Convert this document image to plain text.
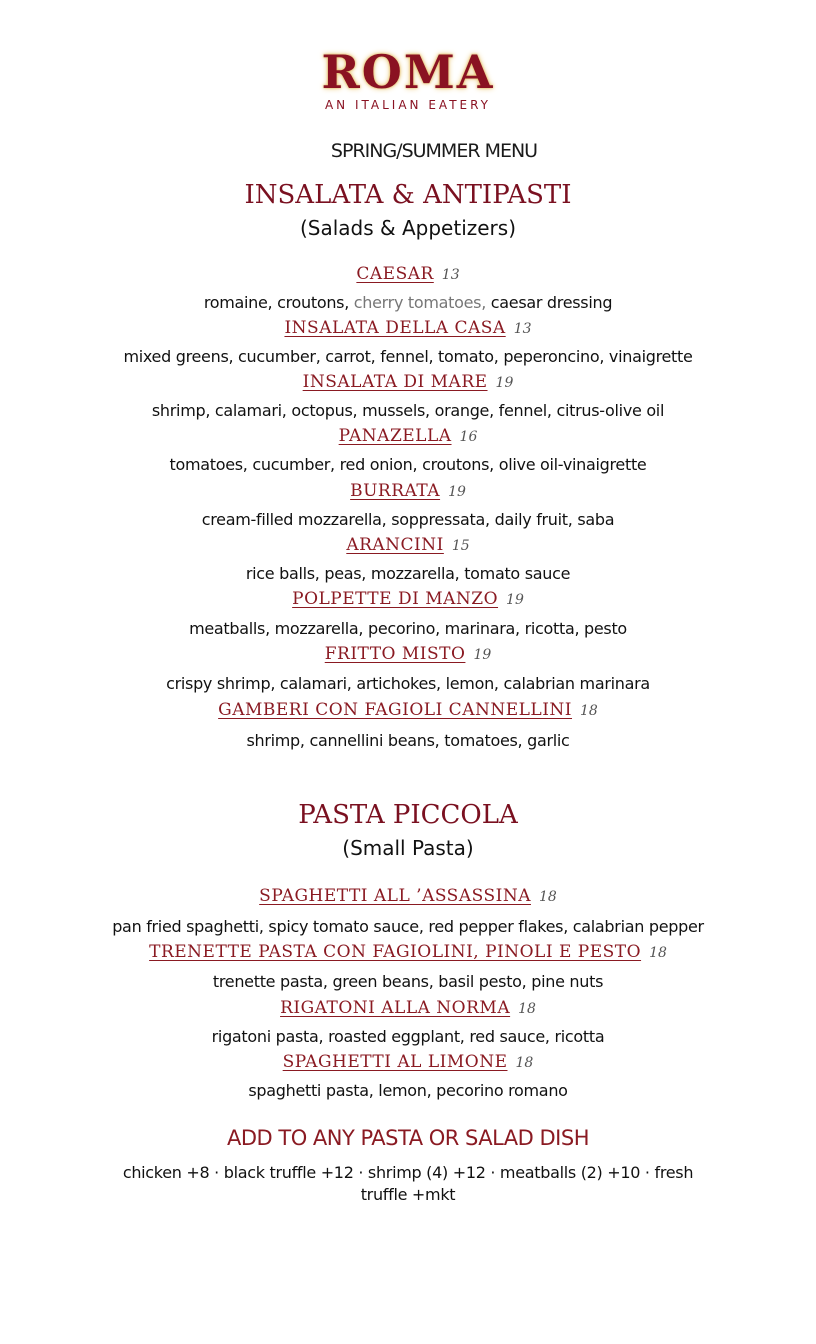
ROMA
AN ITALIAN EATERY
SPRING/SUMMER MENU
INSALATA & ANTIPASTI
(Salads & Appetizers)
CAESAR 13
romaine, croutons, cherry tomatoes, caesar dressing
INSALATA DELLA CASA 13
mixed greens, cucumber, carrot, fennel, tomato, peperoncino, vinaigrette
INSALATA DI MARE 19
shrimp, calamari, octopus, mussels, orange, fennel, citrus-olive oil
PANAZELLA 16
tomatoes, cucumber, red onion, croutons, olive oil-vinaigrette
BURRATA 19
cream-filled mozzarella, soppressata, daily fruit, saba
ARANCINI 15
rice balls, peas, mozzarella, tomato sauce
POLPETTE DI MANZO 19
meatballs, mozzarella, pecorino, marinara, ricotta, pesto
FRITTO MISTO 19
crispy shrimp, calamari, artichokes, lemon, calabrian marinara
GAMBERI CON FAGIOLI CANNELLINI 18
shrimp, cannellini beans, tomatoes, garlic
PASTA PICCOLA
(Small Pasta)
SPAGHETTI ALL ’ASSASSINA 18
pan fried spaghetti, spicy tomato sauce, red pepper flakes, calabrian pepper
TRENETTE PASTA CON FAGIOLINI, PINOLI E PESTO 18
trenette pasta, green beans, basil pesto, pine nuts
RIGATONI ALLA NORMA 18
rigatoni pasta, roasted eggplant, red sauce, ricotta
SPAGHETTI AL LIMONE 18
spaghetti pasta, lemon, pecorino romano
ADD TO ANY PASTA OR SALAD DISH
chicken +8 · black truffle +12 · shrimp (4) +12 · meatballs (2) +10 · fresh truffle +mkt
